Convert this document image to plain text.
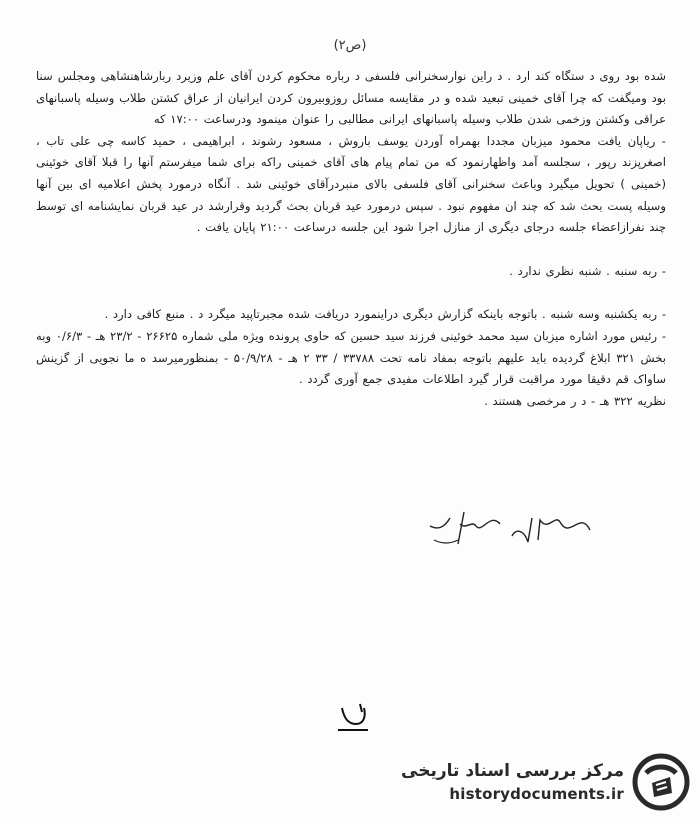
(ص۲)

شده بود روی د ستگاه کند ارد . د راین نوارسخنرانی فلسفی د رباره محکوم کردن آقای علم وزیرد ربارشاهنشاهی ومجلس سنا بود ومیگفت که چرا آقای خمینی تبعید شده و در مقایسه مسائل روزوبیرون کردن ایرانیان از عراق کشتن طلاب وسیله پاسبانهای عراقی وکشتن وزخمی شدن طلاب وسیله پاسبانهای ایرانی مطالبی را عنوان مینمود ودرساعت ۱۷:۰۰ که

- ریاپان یافت محمود میزبان مجددا بهمراه آوردن یوسف باروش ، مسعود رشوند ، ابراهیمی ، حمید کاسه چی علی تاب ، اصغرپزند رپور ، سجلسه آمد واظهارنمود که من تمام پیام های آقای خمینی راکه برای شما میفرستم آنها را قبلا آقای خوئینی (خمینی ) تحویل میگیرد وباعث سخنرانی آقای فلسفی بالای منبردرآقای خوئینی شد . آنگاه درمورد پخش اعلامیه ای بین آنها وسیله پست بحث شد که چند ان مفهوم نبود . سپس درمورد عید قربان بحث گردید وقرارشد در عید قربان نمایشنامه ای توسط چند نفرازاعضاء جلسه درجای دیگری از منازل اجرا شود این جلسه درساعت ۲۱:۰۰ پایان یافت .

- ربه سنبه . شنبه نظری ندارد .

- ربه یکشنبه وسه شنبه . باتوجه باینکه گزارش دیگری دراینمورد دریافت شده مجبرتاپید میگرد د . منبع کافی دارد .

- رئیس مورد اشاره میزبان سید محمد خوئینی فرزند سید حسین که حاوی پرونده ویژه ملی شماره ۲۶۶۲۵ - ۲۳/۲ هـ - ۰/۶/۳ وبه بخش ۳۲۱ ابلاغ گردیده باید علیهم باتوجه بمفاد نامه تحت ۳۳۷۸۸ / ۳۳ ۲ هـ - ۵۰/۹/۲۸ - بمنظورمیرسد ه ما نجویی از گزینش ساواک قم دقیقا مورد مراقبت قرار گیرد اطلاعات مفیدی جمع آوری گردد .

نظریه ۳۲۲ هـ - د ر مرخصی هستند .

مرکز بررسی اسناد تاریخی
historydocuments.ir
